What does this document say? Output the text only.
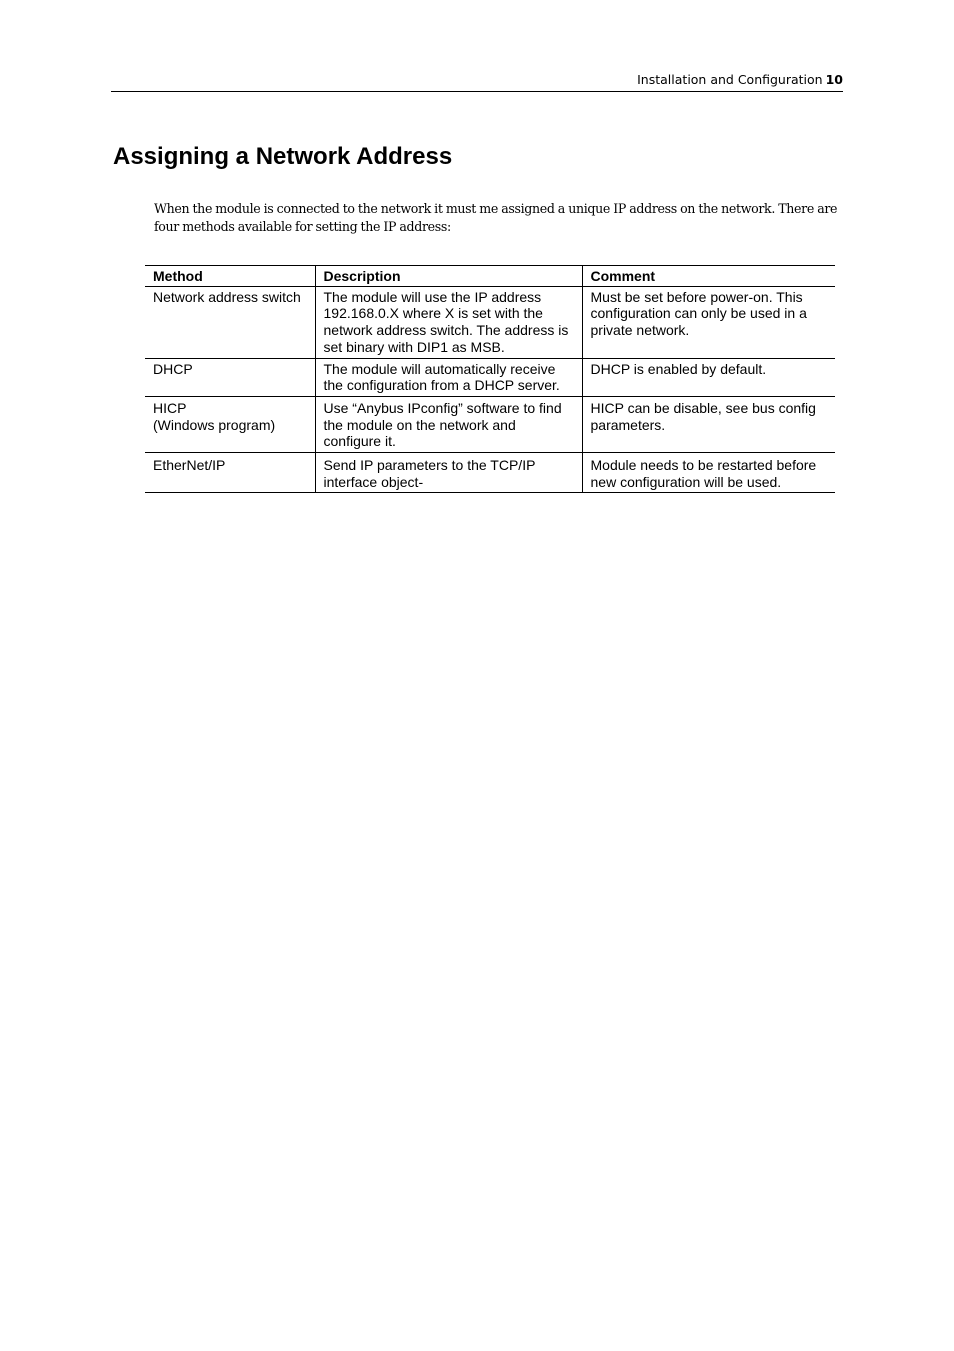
Installation and Configuration 10
Assigning a Network Address

When the module is connected to the network it must me assigned a unique IP address on the network. There are four methods available for setting the IP address:

Method	Description	Comment

Network address switch	The module will use the IP address 192.168.0.X where X is set with the network address switch. The address is set binary with DIP1 as MSB.	Must be set before power-on. This configuration can only be used in a private network.

DHCP	The module will automatically receive the configuration from a DHCP server.	DHCP is enabled by default.

HICP
(Windows program)	Use “Anybus IPconfig” software to find the module on the network and configure it.	HICP can be disable, see bus config parameters.

EtherNet/IP	Send IP parameters to the TCP/IP interface object-	Module needs to be restarted before new configuration will be used.
